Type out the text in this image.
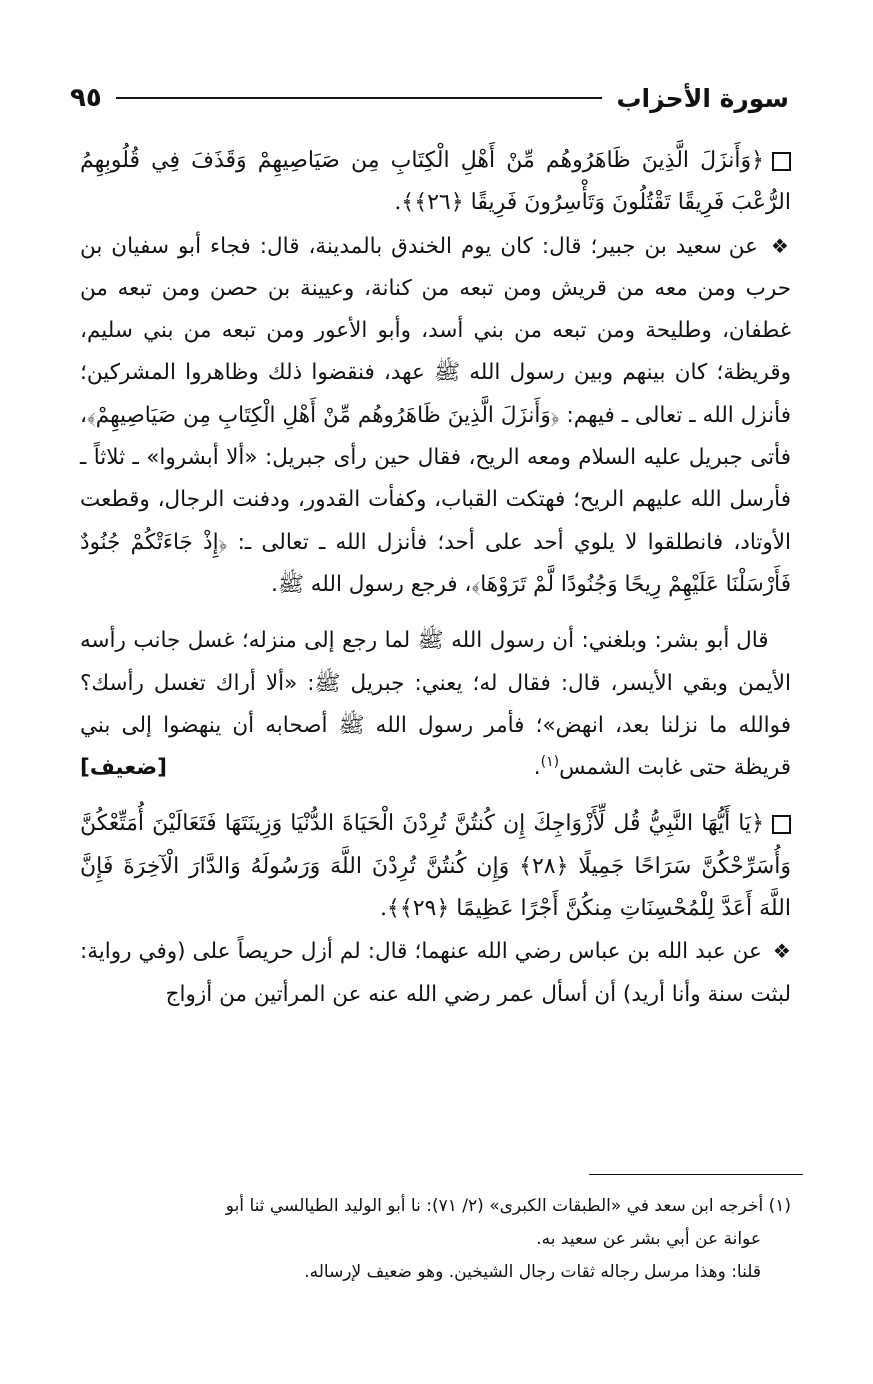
سورة الأحزاب
٩٥

﴿وَأَنزَلَ الَّذِينَ ظَاهَرُوهُم مِّنْ أَهْلِ الْكِتَابِ مِن صَيَاصِيهِمْ وَقَذَفَ فِي قُلُوبِهِمُ الرُّعْبَ فَرِيقًا تَقْتُلُونَ وَتَأْسِرُونَ فَرِيقًا ﴿٢٦﴾﴾.

❖ عن سعيد بن جبير؛ قال: كان يوم الخندق بالمدينة، قال: فجاء أبو سفيان بن حرب ومن معه من قريش ومن تبعه من كنانة، وعيينة بن حصن ومن تبعه من غطفان، وطليحة ومن تبعه من بني أسد، وأبو الأعور ومن تبعه من بني سليم، وقريظة؛ كان بينهم وبين رسول الله ﷺ عهد، فنقضوا ذلك وظاهروا المشركين؛ فأنزل الله ـ تعالى ـ فيهم: ﴿وَأَنزَلَ الَّذِينَ ظَاهَرُوهُم مِّنْ أَهْلِ الْكِتَابِ مِن صَيَاصِيهِمْ﴾، فأتى جبريل عليه السلام ومعه الريح، فقال حين رأى جبريل: «ألا أبشروا» ـ ثلاثاً ـ فأرسل الله عليهم الريح؛ فهتكت القباب، وكفأت القدور، ودفنت الرجال، وقطعت الأوتاد، فانطلقوا لا يلوي أحد على أحد؛ فأنزل الله ـ تعالى ـ: ﴿إِذْ جَاءَتْكُمْ جُنُودٌ فَأَرْسَلْنَا عَلَيْهِمْ رِيحًا وَجُنُودًا لَّمْ تَرَوْهَا﴾، فرجع رسول الله ﷺ.

قال أبو بشر: وبلغني: أن رسول الله ﷺ لما رجع إلى منزله؛ غسل جانب رأسه الأيمن وبقي الأيسر، قال: فقال له؛ يعني: جبريل ﷺ: «ألا أراك تغسل رأسك؟ فوالله ما نزلنا بعد، انهض»؛ فأمر رسول الله ﷺ أصحابه أن ينهضوا إلى بني قريظة حتى غابت الشمس$^{(١)}$.
[ضعيف]

﴿يَا أَيُّهَا النَّبِيُّ قُل لِّأَزْوَاجِكَ إِن كُنتُنَّ تُرِدْنَ الْحَيَاةَ الدُّنْيَا وَزِينَتَهَا فَتَعَالَيْنَ أُمَتِّعْكُنَّ وَأُسَرِّحْكُنَّ سَرَاحًا جَمِيلًا ﴿٢٨﴾ وَإِن كُنتُنَّ تُرِدْنَ اللَّهَ وَرَسُولَهُ وَالدَّارَ الْآخِرَةَ فَإِنَّ اللَّهَ أَعَدَّ لِلْمُحْسِنَاتِ مِنكُنَّ أَجْرًا عَظِيمًا ﴿٢٩﴾﴾.

❖ عن عبد الله بن عباس رضي الله عنهما؛ قال: لم أزل حريصاً على (وفي رواية: لبثت سنة وأنا أريد) أن أسأل عمر رضي الله عنه عن المرأتين من أزواج

(١) أخرجه ابن سعد في «الطبقات الكبرى» (٢/ ٧١): نا أبو الوليد الطيالسي ثنا أبو

عوانة عن أبي بشر عن سعيد به.

قلنا: وهذا مرسل رجاله ثقات رجال الشيخين. وهو ضعيف لإرساله.
